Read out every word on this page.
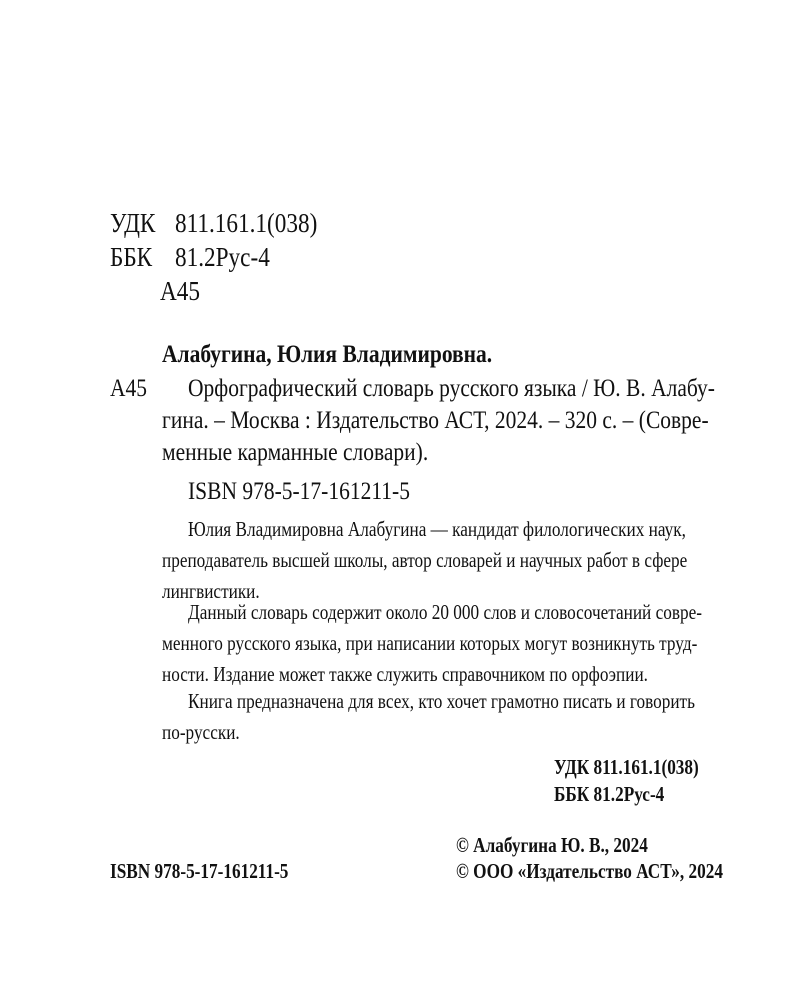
УДК 811.161.1(038)
ББК 81.2Рус-4
А45
Алабугина, Юлия Владимировна.
А45 Орфографический словарь русского языка / Ю. В. Алабу-
гина. – Москва : Издательство АСТ, 2024. – 320 с. – (Совре-
менные карманные словари).
ISBN 978-5-17-161211-5
Юлия Владимировна Алабугина — кандидат филологических наук,
преподаватель высшей школы, автор словарей и научных работ в сфере
лингвистики.
Данный словарь содержит около 20 000 слов и словосочетаний совре-
менного русского языка, при написании которых могут возникнуть труд-
ности. Издание может также служить справочником по орфоэпии.
Книга предназначена для всех, кто хочет грамотно писать и говорить
по-русски.
УДК 811.161.1(038)
ББК 81.2Рус-4
© Алабугина Ю. В., 2024
ISBN 978-5-17-161211-5	© ООО «Издательство АСТ», 2024
